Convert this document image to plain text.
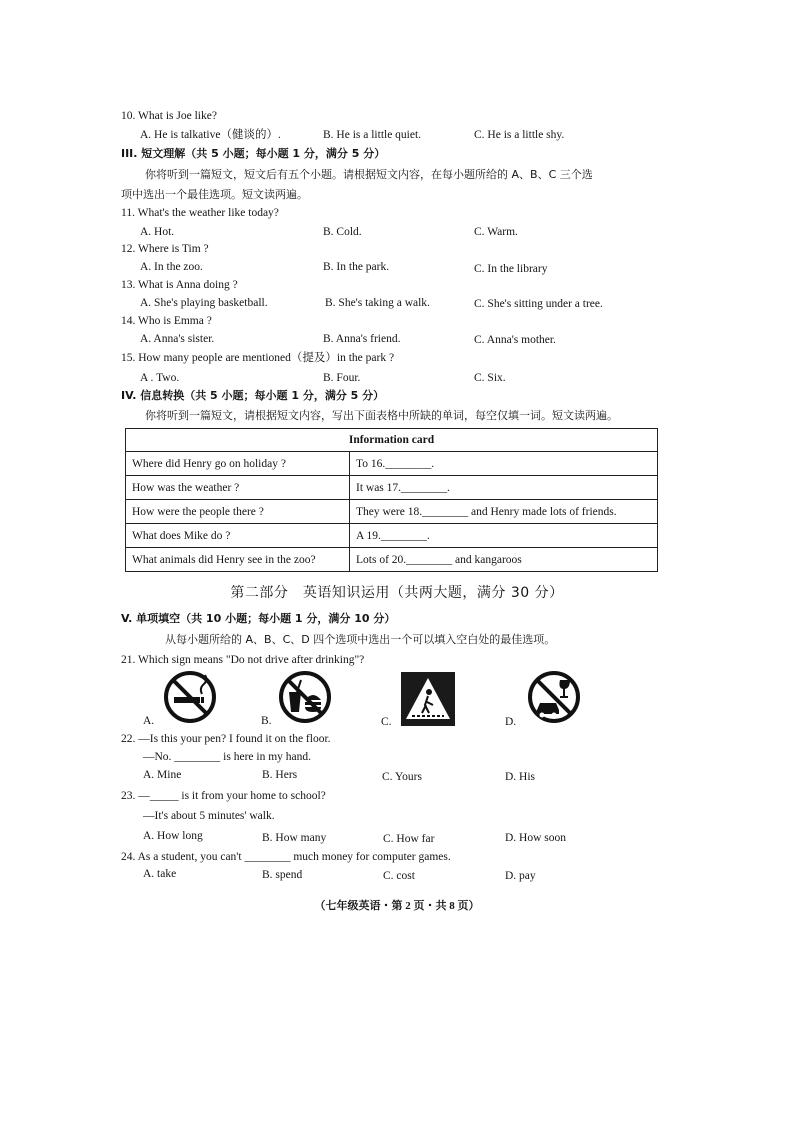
10. What is Joe like?
A. He is talkative（健谈的）.	B. He is a little quiet.	C. He is a little shy.
III. 短文理解（共 5 小题；每小题 1 分，满分 5 分）
你将听到一篇短文，短文后有五个小题。请根据短文内容，在每小题所给的 A、B、C 三个选
项中选出一个最佳选项。短文读两遍。
11. What's the weather like today?
A. Hot.	B. Cold.	C. Warm.
12. Where is Tim ?
A. In the zoo.	B. In the park.	C. In the library
13. What is Anna doing ?
A. She's playing basketball.	B. She's taking a walk.	C. She's sitting under a tree.
14. Who is Emma ?
A. Anna's sister.	B. Anna's friend.	C. Anna's mother.
15. How many people are mentioned（提及）in the park ?
A . Two.	B. Four.	C. Six.
IV. 信息转换（共 5 小题；每小题 1 分，满分 5 分）
你将听到一篇短文，请根据短文内容，写出下面表格中所缺的单词，每空仅填一词。短文读两遍。
Information card	
Where did Henry go on holiday ?	To 16.________.
How was the weather ?	It was 17.________.
How were the people there ?	They were 18.________ and Henry made lots of friends.
What does Mike do ?	A 19.________.
What animals did Henry see in the zoo?	Lots of 20.________ and kangaroos
第二部分　英语知识运用（共两大题，满分 30 分）
V. 单项填空（共 10 小题；每小题 1 分，满分 10 分）
从每小题所给的 A、B、C、D 四个选项中选出一个可以填入空白处的最佳选项。
21. Which sign means "Do not drive after drinking"?
A.	B.	C.	D.
22. —Is this your pen? I found it on the floor.
—No. ________ is here in my hand.
A. Mine	B. Hers	C. Yours	D. His
23. —_____ is it from your home to school?
—It's about 5 minutes' walk.
A. How long	B. How many	C. How far	D. How soon
24. As a student, you can't ________ much money for computer games.
A. take	B. spend	C. cost	D. pay
（七年级英语・第 2 页・共 8 页）
